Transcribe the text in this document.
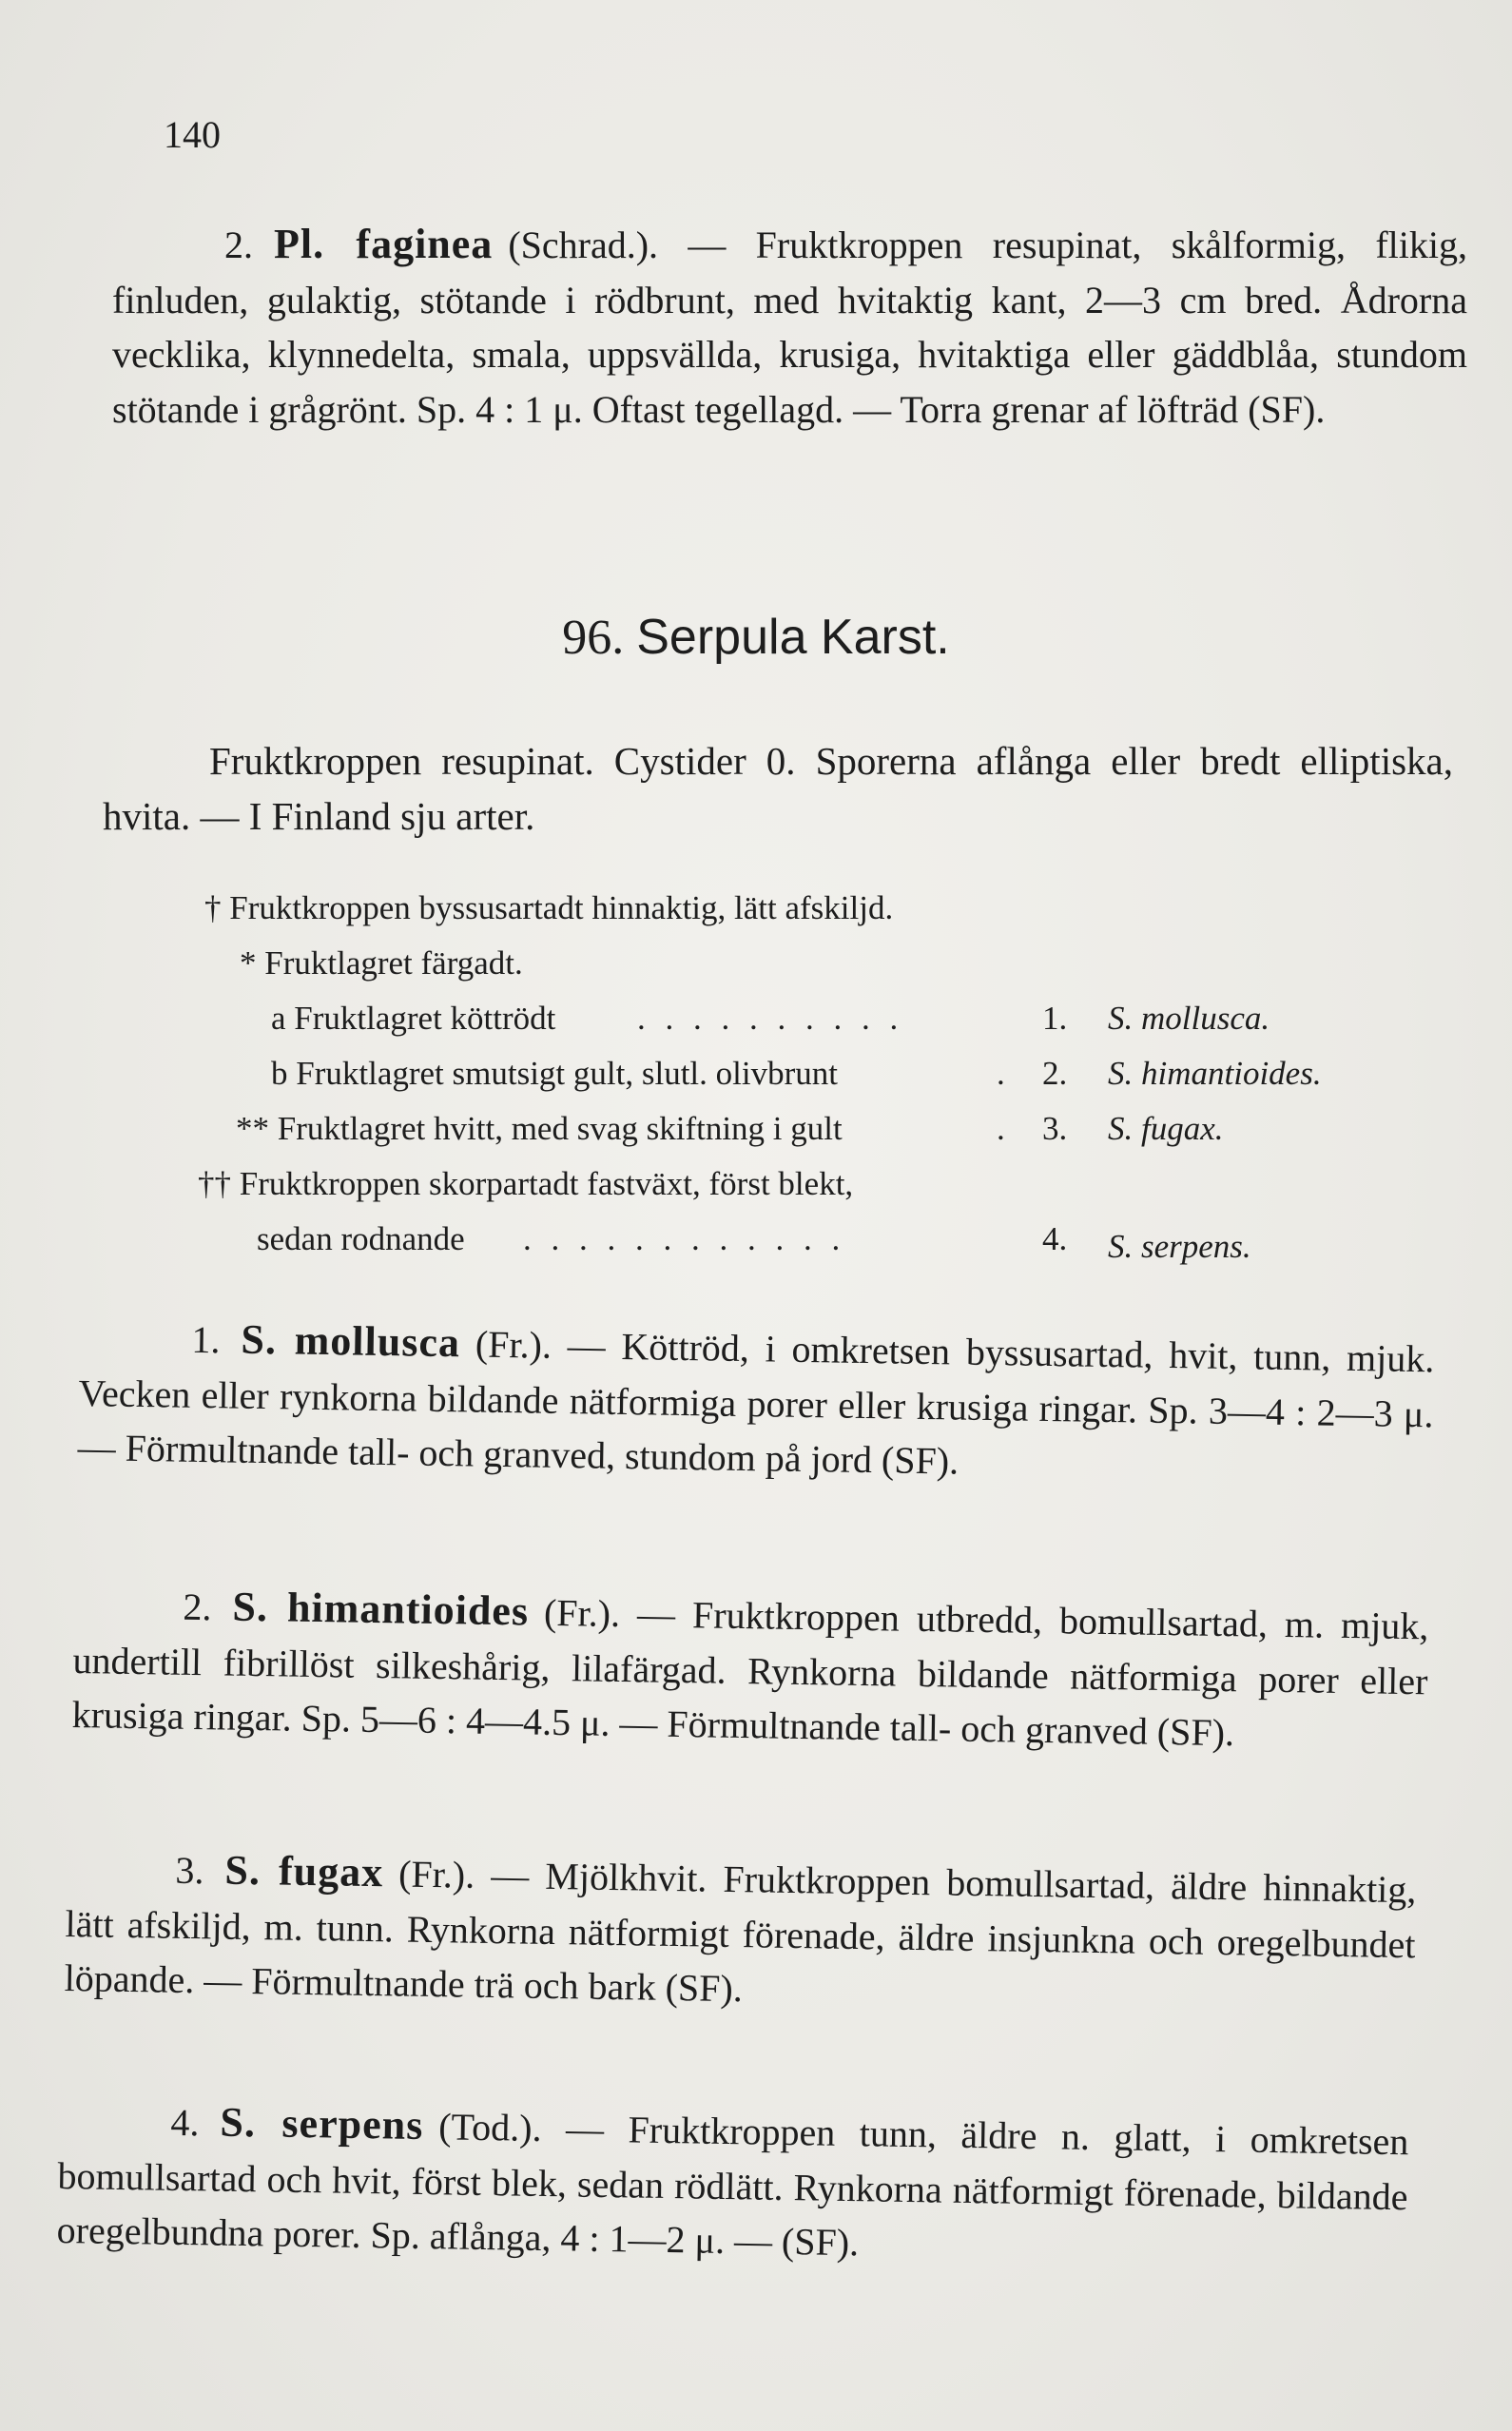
140

2. Pl. faginea (Schrad.). — Fruktkroppen resupinat, skålformig, flikig, finluden, gulaktig, stötande i rödbrunt, med hvitaktig kant, 2—3 cm bred. Ådrorna vecklika, klynnedelta, smala, uppsvällda, krusiga, hvitaktiga eller gäddblåa, stundom stötande i grågrönt. Sp. 4 : 1 μ. Oftast tegellagd. — Torra grenar af löfträd (SF).

96. Serpula Karst.

Fruktkroppen resupinat. Cystider 0. Sporerna aflånga eller bredt elliptiska, hvita. — I Finland sju arter.

† Fruktkroppen byssusartadt hinnaktig, lätt afskiljd.
* Fruktlagret färgadt.
a Fruktlagret köttrödt . . . . . . . . . .	1. S. mollusca.
b Fruktlagret smutsigt gult, slutl. olivbrunt	. 2. S. himantioides.
** Fruktlagret hvitt, med svag skiftning i gult	. 3. S. fugax.
†† Fruktkroppen skorpartadt fastväxt, först blekt,
sedan rodnande . . . . . . . . . . . .	4. S. serpens.

1. S. mollusca (Fr.). — Köttröd, i omkretsen byssusartad, hvit, tunn, mjuk. Vecken eller rynkorna bildande nätformiga porer eller krusiga ringar. Sp. 3—4 : 2—3 μ. — Förmultnande tall- och granved, stundom på jord (SF).

2. S. himantioides (Fr.). — Fruktkroppen utbredd, bomullsartad, m. mjuk, undertill fibrillöst silkeshårig, lilafärgad. Rynkorna bildande nätformiga porer eller krusiga ringar. Sp. 5—6 : 4—4.5 μ. — Förmultnande tall- och granved (SF).

3. S. fugax (Fr.). — Mjölkhvit. Fruktkroppen bomullsartad, äldre hinnaktig, lätt afskiljd, m. tunn. Rynkorna nätformigt förenade, äldre insjunkna och oregelbundet löpande. — Förmultnande trä och bark (SF).

4. S. serpens (Tod.). — Fruktkroppen tunn, äldre n. glatt, i omkretsen bomullsartad och hvit, först blek, sedan rödlätt. Rynkorna nätformigt förenade, bildande oregelbundna porer. Sp. aflånga, 4 : 1—2 μ. — (SF).
